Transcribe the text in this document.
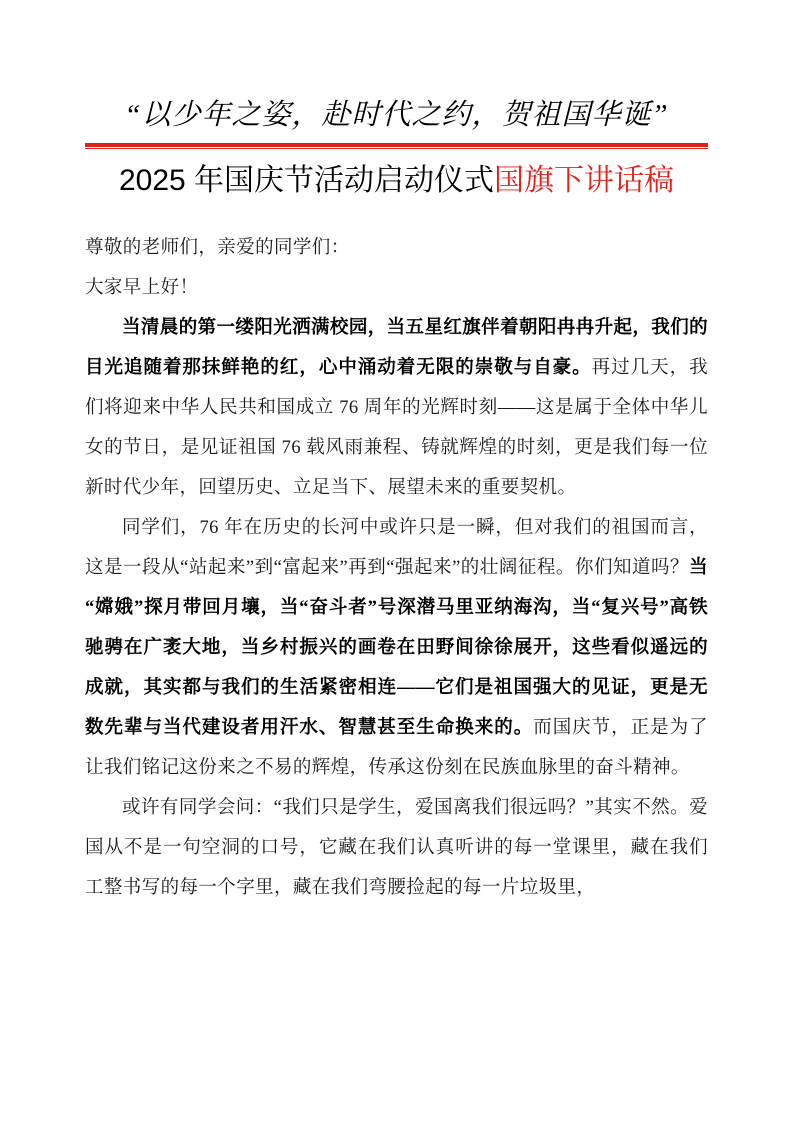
“以少年之姿，赴时代之约，贺祖国华诞”
2025 年国庆节活动启动仪式国旗下讲话稿

尊敬的老师们，亲爱的同学们：

大家早上好！

当清晨的第一缕阳光洒满校园，当五星红旗伴着朝阳冉冉升起，我们的目光追随着那抹鲜艳的红，心中涌动着无限的崇敬与自豪。再过几天，我们将迎来中华人民共和国成立 76 周年的光辉时刻——这是属于全体中华儿女的节日，是见证祖国 76 载风雨兼程、铸就辉煌的时刻，更是我们每一位新时代少年，回望历史、立足当下、展望未来的重要契机。

同学们，76 年在历史的长河中或许只是一瞬，但对我们的祖国而言，这是一段从“站起来”到“富起来”再到“强起来”的壮阔征程。你们知道吗？当“嫦娥”探月带回月壤，当“奋斗者”号深潜马里亚纳海沟，当“复兴号”高铁驰骋在广袤大地，当乡村振兴的画卷在田野间徐徐展开，这些看似遥远的成就，其实都与我们的生活紧密相连——它们是祖国强大的见证，更是无数先辈与当代建设者用汗水、智慧甚至生命换来的。而国庆节，正是为了让我们铭记这份来之不易的辉煌，传承这份刻在民族血脉里的奋斗精神。

或许有同学会问：“我们只是学生，爱国离我们很远吗？”其实不然。爱国从不是一句空洞的口号，它藏在我们认真听讲的每一堂课里，藏在我们工整书写的每一个字里，藏在我们弯腰捡起的每一片垃圾里，
